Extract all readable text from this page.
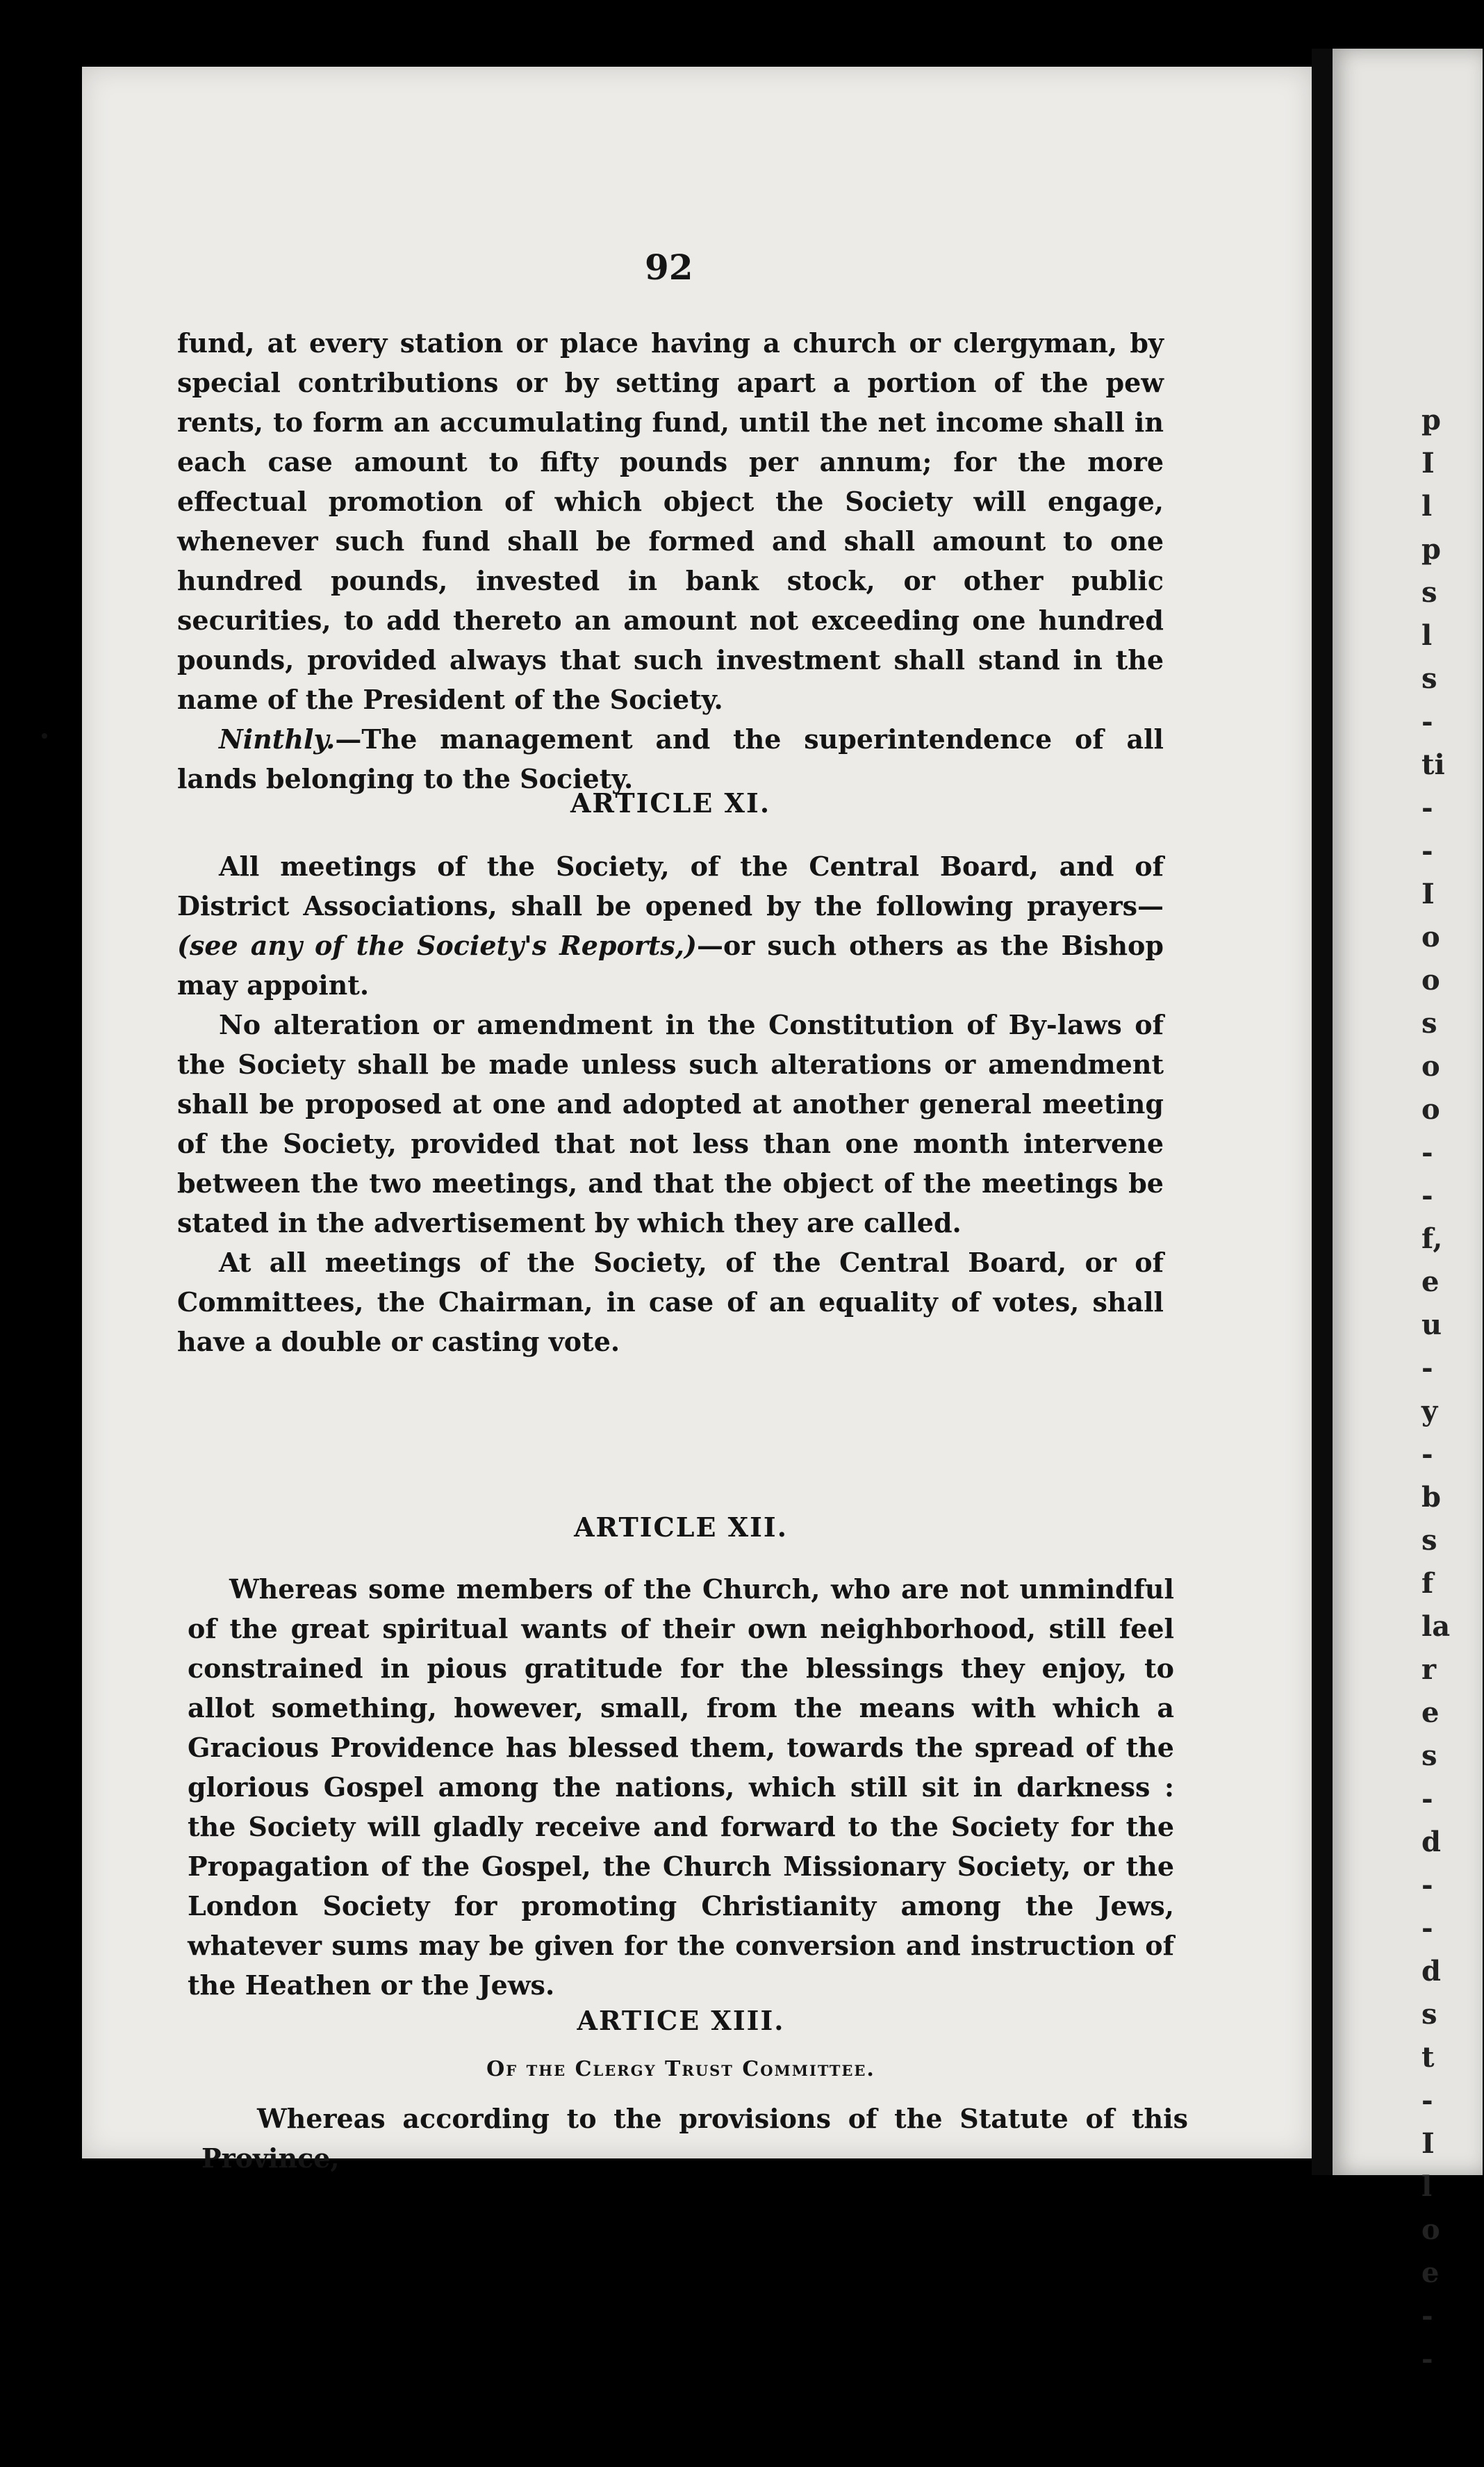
p
I
l
p
s
l
s
-
ti
-
-
I
o
o
s
o
o
-
-
f,
e
u
-
y
-
b
s
f
la
r
e
s
-
d
-
-
d
s
t
-
I
l
o
e
-
-

92

fund, at every station or place having a church or clergyman, by special contributions or by setting apart a portion of the pew rents, to form an accumulating fund, until the net income shall in each case amount to fifty pounds per annum; for the more effectual promotion of which object the Society will engage, whenever such fund shall be formed and shall amount to one hundred pounds, invested in bank stock, or other public securities, to add thereto an amount not exceeding one hundred pounds, provided always that such investment shall stand in the name of the President of the Society.

Ninthly.—The management and the superintendence of all lands belonging to the Society.

ARTICLE XI.

All meetings of the Society, of the Central Board, and of District Associations, shall be opened by the following prayers—(see any of the Society's Reports,)—or such others as the Bishop may appoint.

No alteration or amendment in the Constitution of By-laws of the Society shall be made unless such alterations or amendment shall be proposed at one and adopted at another general meeting of the Society, provided that not less than one month intervene between the two meetings, and that the object of the meetings be stated in the advertisement by which they are called.

At all meetings of the Society, of the Central Board, or of Committees, the Chairman, in case of an equality of votes, shall have a double or casting vote.

ARTICLE XII.

Whereas some members of the Church, who are not unmindful of the great spiritual wants of their own neighborhood, still feel constrained in pious gratitude for the blessings they enjoy, to allot something, however, small, from the means with which a Gracious Providence has blessed them, towards the spread of the glorious Gospel among the nations, which still sit in darkness : the Society will gladly receive and forward to the Society for the Propagation of the Gospel, the Church Missionary Society, or the London Society for promoting Christianity among the Jews, whatever sums may be given for the conversion and instruction of the Heathen or the Jews.

ARTICE XIII.
Of the Clergy Trust Committee.

Whereas according to the provisions of the Statute of this Province,
